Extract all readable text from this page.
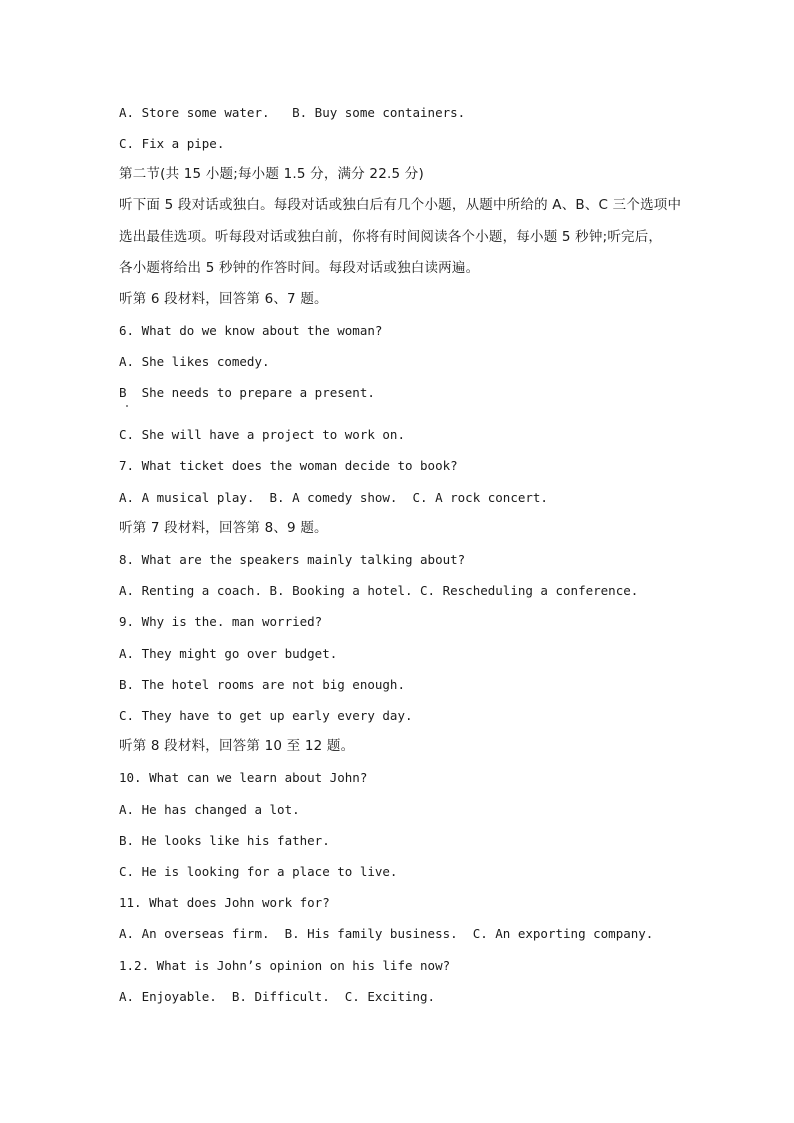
A. Store some water.   B. Buy some containers.
C. Fix a pipe.
第二节(共 15 小题;每小题 1.5 分，满分 22.5 分)
听下面 5 段对话或独白。每段对话或独白后有几个小题，从题中所给的 A、B、C 三个选项中
选出最佳选项。听每段对话或独白前，你将有时间阅读各个小题，每小题 5 秒钟;听完后，
各小题将给出 5 秒钟的作答时间。每段对话或独白读两遍。
听第 6 段材料，回答第 6、7 题。
6. What do we know about the woman?
A. She likes comedy.
B  She needs to prepare a present.
C. She will have a project to work on.
7. What ticket does the woman decide to book?
A. A musical play.  B. A comedy show.  C. A rock concert.
听第 7 段材料，回答第 8、9 题。
8. What are the speakers mainly talking about?
A. Renting a coach. B. Booking a hotel. C. Rescheduling a conference.
9. Why is the. man worried?
A. They might go over budget.
B. The hotel rooms are not big enough.
C. They have to get up early every day.
听第 8 段材料，回答第 10 至 12 题。
10. What can we learn about John?
A. He has changed a lot.
B. He looks like his father.
C. He is looking for a place to live.
11. What does John work for?
A. An overseas firm.  B. His family business.  C. An exporting company.
1.2. What is John’s opinion on his life now?
A. Enjoyable.  B. Difficult.  C. Exciting.
